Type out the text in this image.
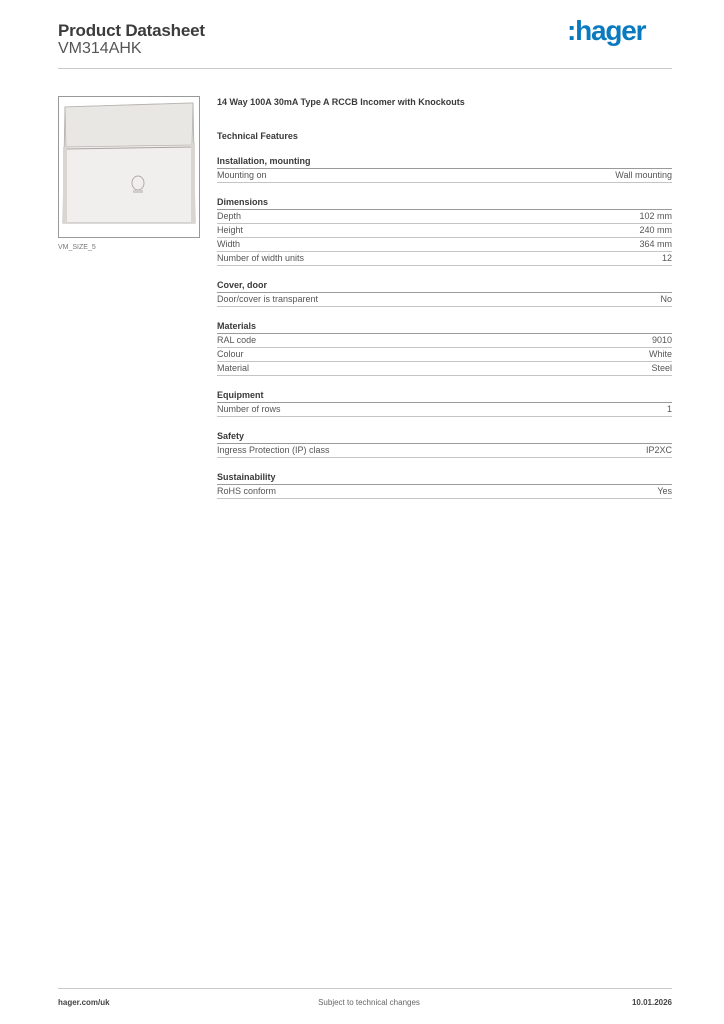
Product Datasheet
VM314AHK
:hager
VM_SIZE_5
14 Way 100A 30mA Type A RCCB Incomer with Knockouts
Technical Features
Installation, mounting
Mounting on	Wall mounting
Dimensions
Depth	102 mm
Height	240 mm
Width	364 mm
Number of width units	12
Cover, door
Door/cover is transparent	No
Materials
RAL code	9010
Colour	White
Material	Steel
Equipment
Number of rows	1
Safety
Ingress Protection (IP) class	IP2XC
Sustainability
RoHS conform	Yes
hager.com/uk	Subject to technical changes	10.01.2026
